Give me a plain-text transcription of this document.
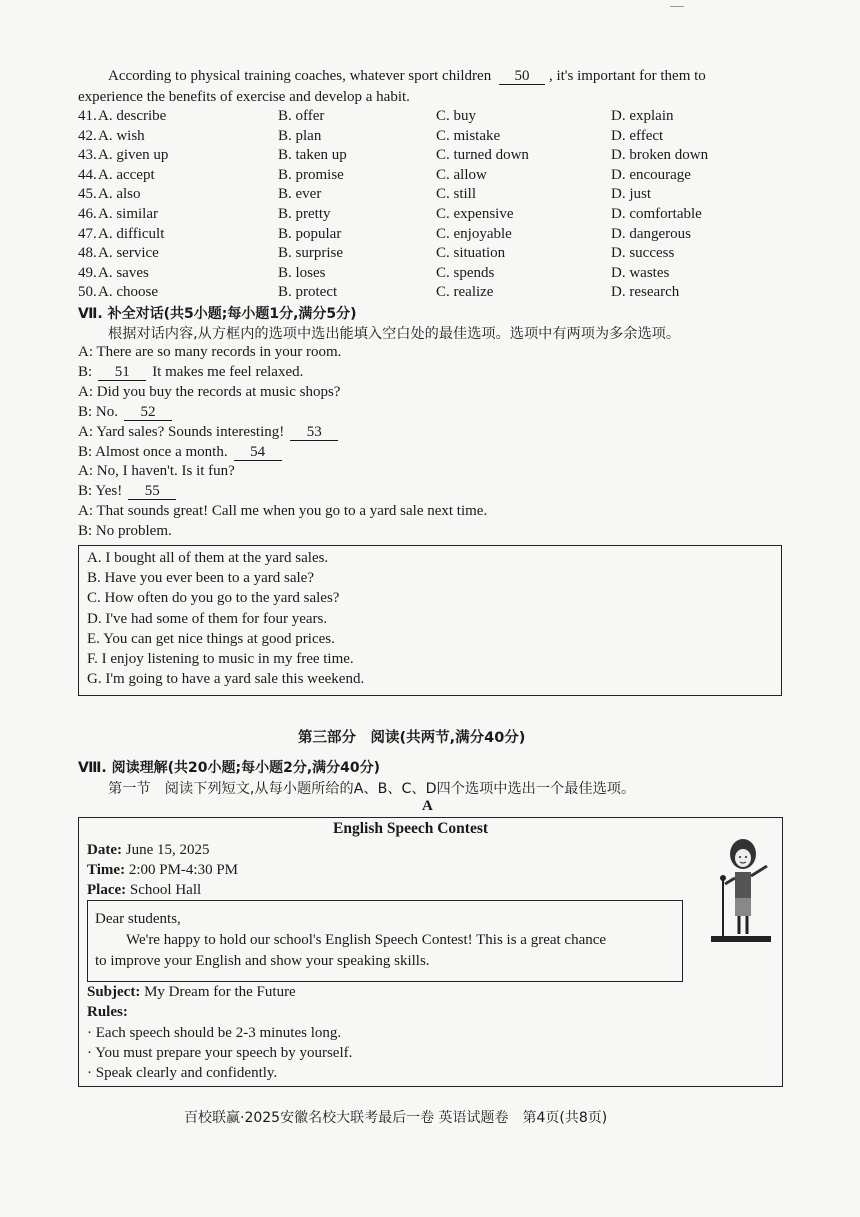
According to physical training coaches, whatever sport children 50 , it's important for them to
experience the benefits of exercise and develop a habit.
41. A. describe	B. offer	C. buy	D. explain
42. A. wish	B. plan	C. mistake	D. effect
43. A. given up	B. taken up	C. turned down	D. broken down
44. A. accept	B. promise	C. allow	D. encourage
45. A. also	B. ever	C. still	D. just
46. A. similar	B. pretty	C. expensive	D. comfortable
47. A. difficult	B. popular	C. enjoyable	D. dangerous
48. A. service	B. surprise	C. situation	D. success
49. A. saves	B. loses	C. spends	D. wastes
50. A. choose	B. protect	C. realize	D. research
Ⅶ. 补全对话(共5小题;每小题1分,满分5分)
根据对话内容,从方框内的选项中选出能填入空白处的最佳选项。选项中有两项为多余选项。
A: There are so many records in your room.
B: 51 It makes me feel relaxed.
A: Did you buy the records at music shops?
B: No. 52
A: Yard sales? Sounds interesting! 53
B: Almost once a month. 54
A: No, I haven't. Is it fun?
B: Yes! 55
A: That sounds great! Call me when you go to a yard sale next time.
B: No problem.
A. I bought all of them at the yard sales.
B. Have you ever been to a yard sale?
C. How often do you go to the yard sales?
D. I've had some of them for four years.
E. You can get nice things at good prices.
F. I enjoy listening to music in my free time.
G. I'm going to have a yard sale this weekend.
第三部分　阅读(共两节,满分40分)
Ⅷ. 阅读理解(共20小题;每小题2分,满分40分)
第一节　阅读下列短文,从每小题所给的A、B、C、D四个选项中选出一个最佳选项。
A
English Speech Contest
Date: June 15, 2025
Time: 2:00 PM-4:30 PM
Place: School Hall
Dear students,
We're happy to hold our school's English Speech Contest! This is a great chance
to improve your English and show your speaking skills.
Subject: My Dream for the Future
Rules:
· Each speech should be 2-3 minutes long.
· You must prepare your speech by yourself.
· Speak clearly and confidently.
百校联赢·2025安徽名校大联考最后一卷 英语试题卷　第4页(共8页)
